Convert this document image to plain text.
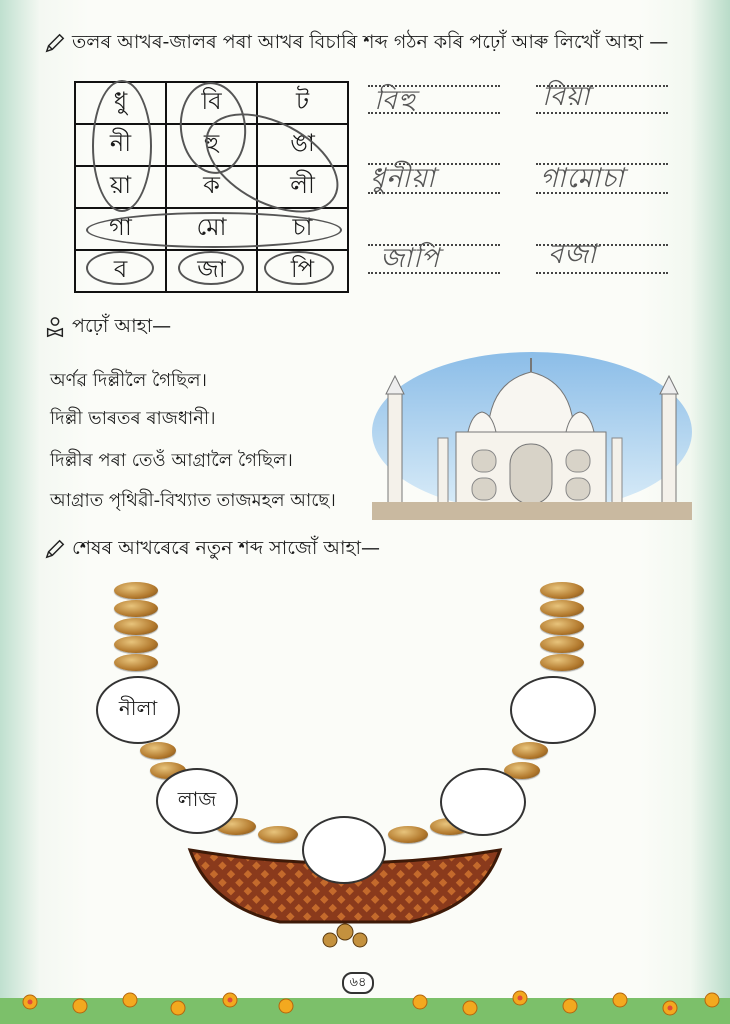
তলৰ আখৰ-জালৰ পৰা আখৰ বিচাৰি শব্দ গঠন কৰি পঢ়োঁ আৰু লিখোঁ আহা —
ধু	বি	ট
নী	হু	ঙা
য়া	ক	লী
গা	মো	চা
ব	জা	পি
বিহু	বিয়া
ধুনীয়া	গামোচা
জাপি	বজা
পঢ়োঁ আহা—
অৰ্ণৱ দিল্লীলৈ গৈছিল।
দিল্লী ভাৰতৰ ৰাজধানী।
দিল্লীৰ পৰা তেওঁ আগ্ৰালৈ গৈছিল।
আগ্ৰাত পৃথিৱী-বিখ্যাত তাজমহল আছে।
শেষৰ আখৰেৰে নতুন শব্দ সাজোঁ আহা—
নীলা
লাজ
৬৪
